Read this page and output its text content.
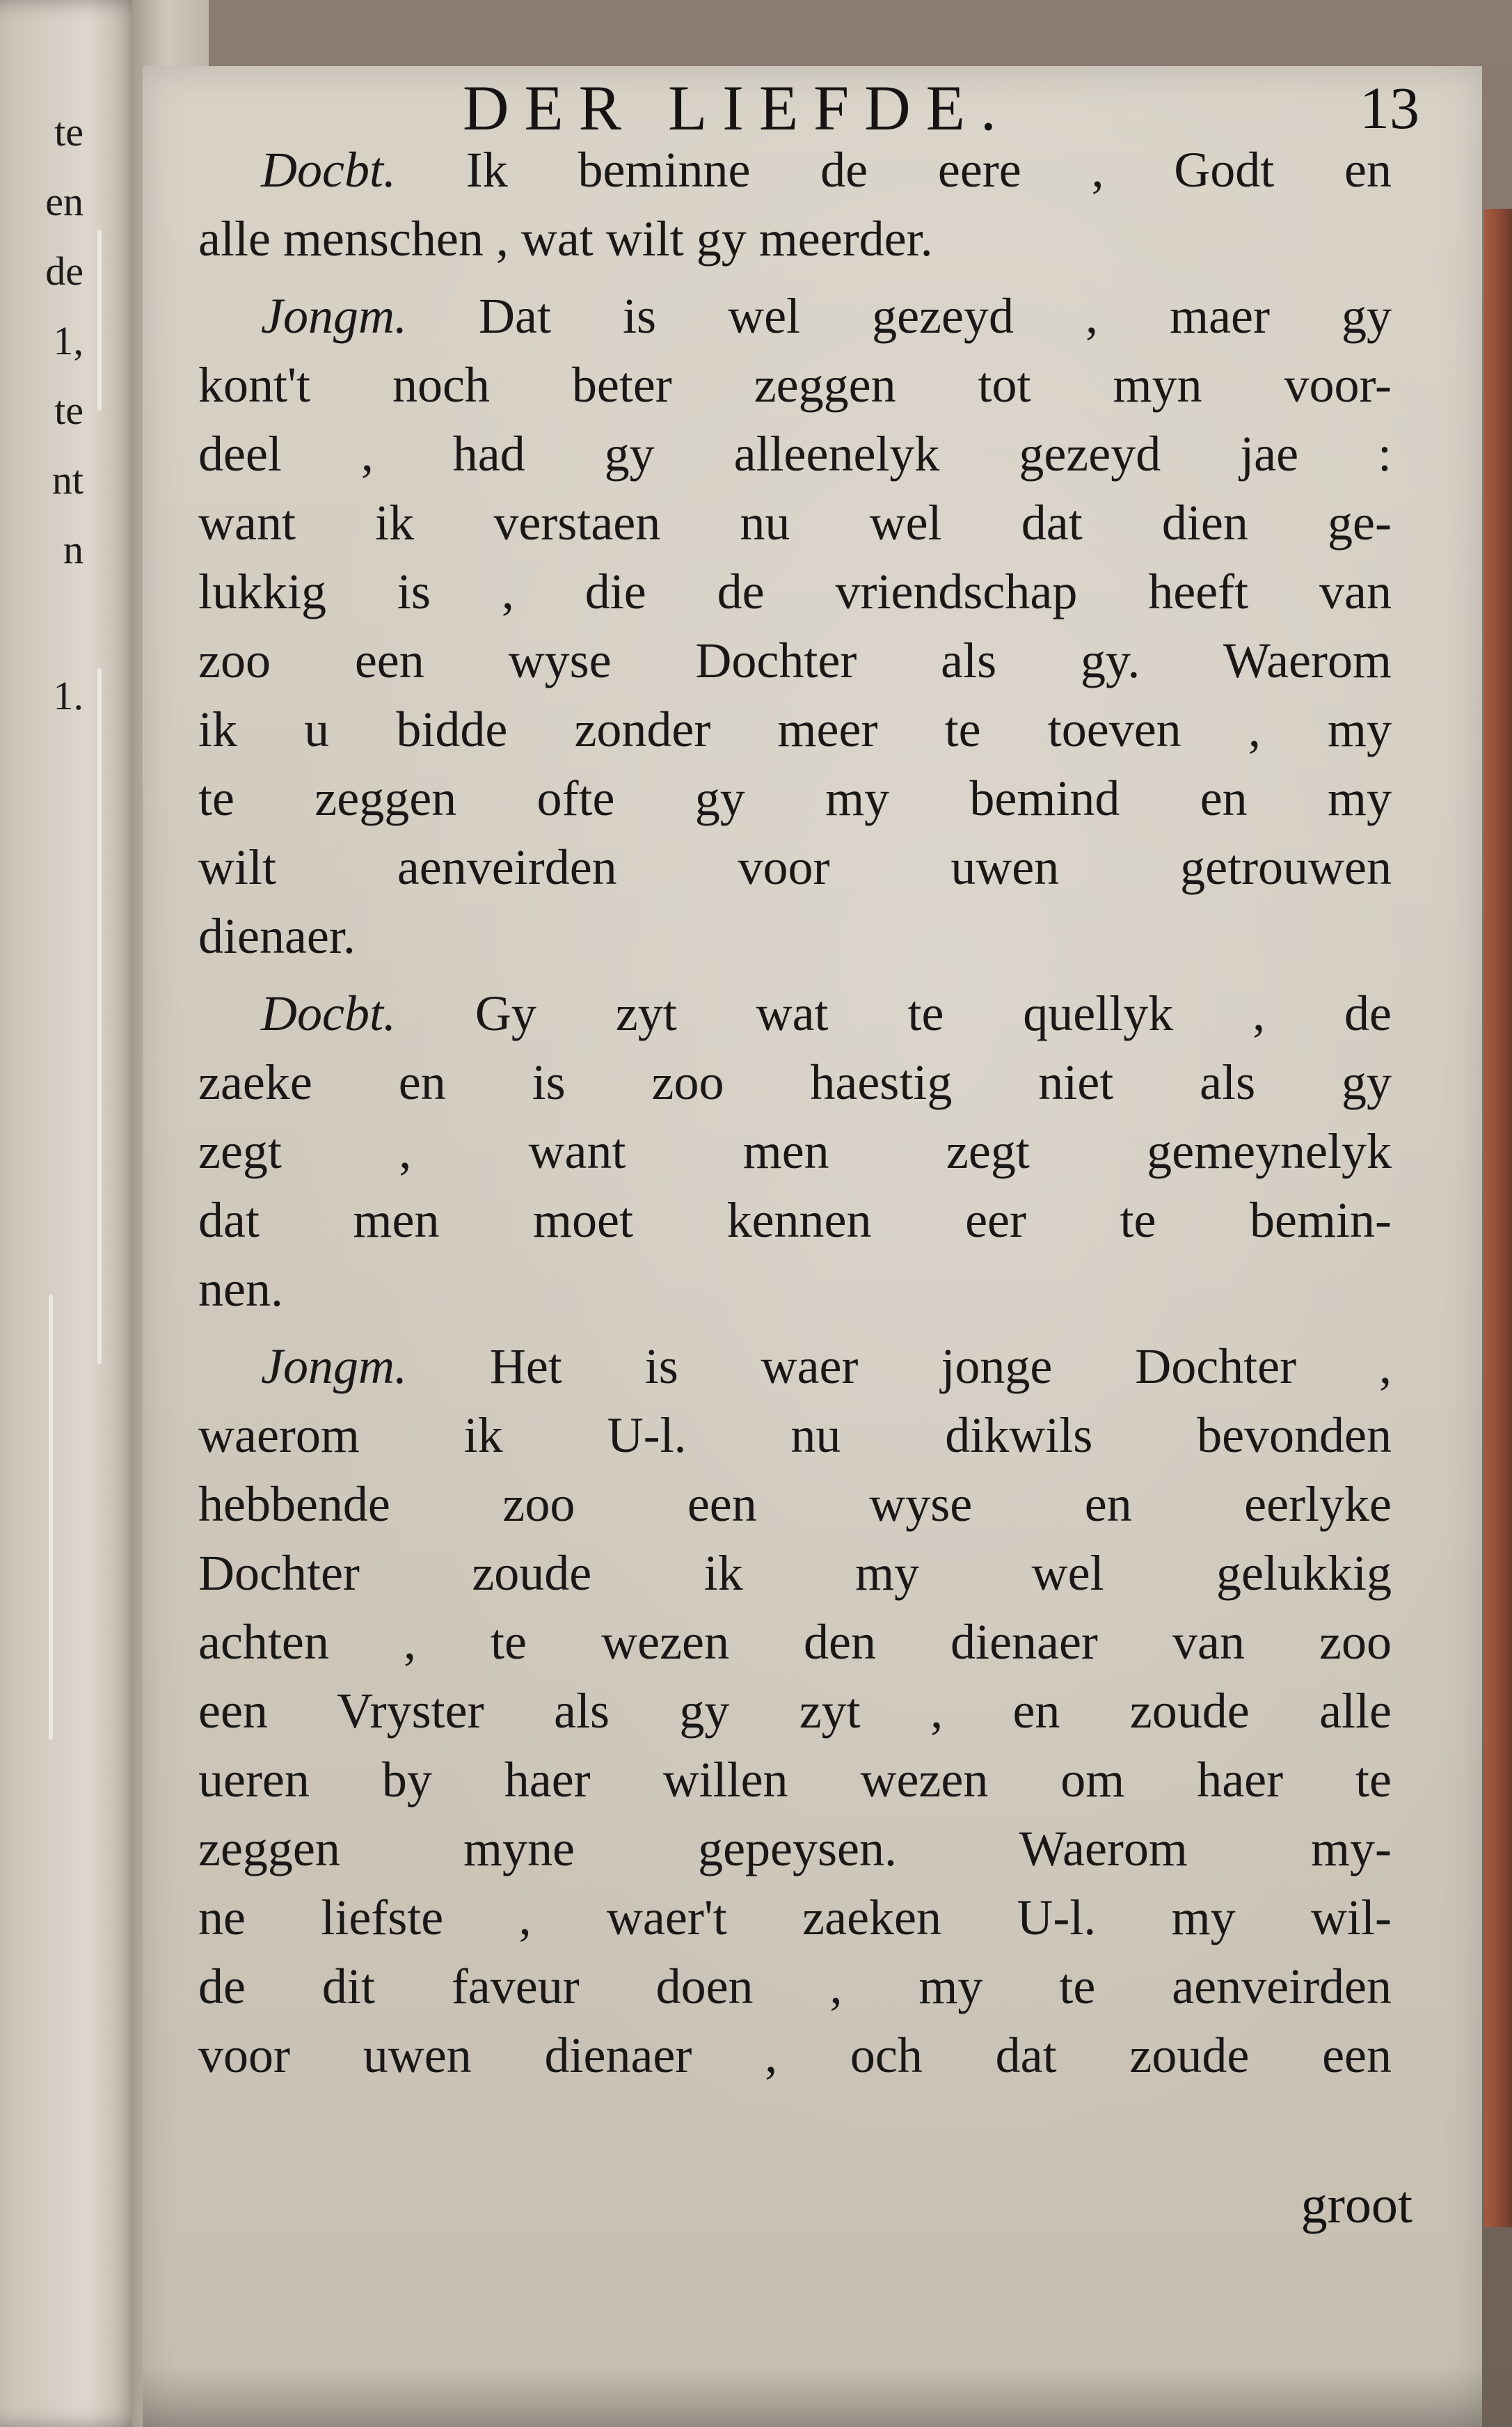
te
en
de
1,
te
nt
n
1.
DER LIEFDE.	13
Docbt. Ik beminne de eere , Godt en
alle menschen , wat wilt gy meerder.
Jongm. Dat is wel gezeyd , maer gy
kont't noch beter zeggen tot myn voor-
deel , had gy alleenelyk gezeyd jae :
want ik verstaen nu wel dat dien ge-
lukkig is , die de vriendschap heeft van
zoo een wyse Dochter als gy. Waerom
ik u bidde zonder meer te toeven , my
te zeggen ofte gy my bemind en my
wilt aenveirden voor uwen getrouwen
dienaer.
Docbt. Gy zyt wat te quellyk , de
zaeke en is zoo haestig niet als gy
zegt , want men zegt gemeynelyk
dat men moet kennen eer te bemin-
nen.
Jongm. Het is waer jonge Dochter ,
waerom ik U-l. nu dikwils bevonden
hebbende zoo een wyse en eerlyke
Dochter zoude ik my wel gelukkig
achten , te wezen den dienaer van zoo
een Vryster als gy zyt , en zoude alle
ueren by haer willen wezen om haer te
zeggen myne gepeysen. Waerom my-
ne liefste , waer't zaeken U-l. my wil-
de dit faveur doen , my te aenveirden
voor uwen dienaer , och dat zoude een
groot
